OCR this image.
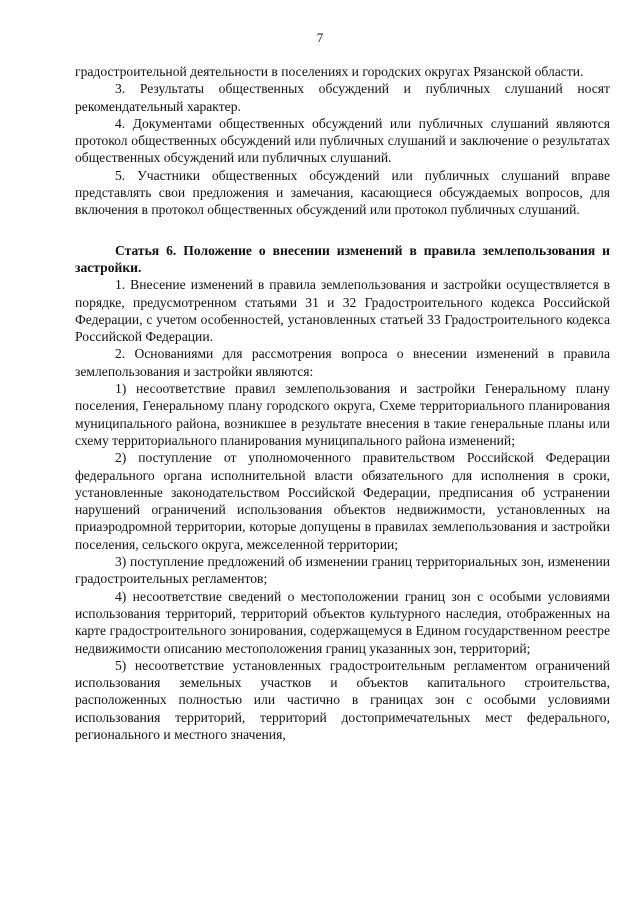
7

градостроительной деятельности в поселениях и городских округах Рязанской области.

3. Результаты общественных обсуждений и публичных слушаний носят рекомендательный характер.

4. Документами общественных обсуждений или публичных слушаний являются протокол общественных обсуждений или публичных слушаний и заключение о результатах общественных обсуждений или публичных слушаний.

5. Участники общественных обсуждений или публичных слушаний вправе представлять свои предложения и замечания, касающиеся обсуждаемых вопросов, для включения в протокол общественных обсуждений или протокол публичных слушаний.

Статья 6. Положение о внесении изменений в правила землепользования и застройки.

1. Внесение изменений в правила землепользования и застройки осуществляется в порядке, предусмотренном статьями 31 и 32 Градостроительного кодекса Российской Федерации, с учетом особенностей, установленных статьей 33 Градостроительного кодекса Российской Федерации.

2. Основаниями для рассмотрения вопроса о внесении изменений в правила землепользования и застройки являются:

1) несоответствие правил землепользования и застройки Генеральному плану поселения, Генеральному плану городского округа, Схеме территориального планирования муниципального района, возникшее в результате внесения в такие генеральные планы или схему территориального планирования муниципального района изменений;

2) поступление от уполномоченного правительством Российской Федерации федерального органа исполнительной власти обязательного для исполнения в сроки, установленные законодательством Российской Федерации, предписания об устранении нарушений ограничений использования объектов недвижимости, установленных на приаэродромной территории, которые допущены в правилах землепользования и застройки поселения, сельского округа, межселенной территории;

3) поступление предложений об изменении границ территориальных зон, изменении градостроительных регламентов;

4) несоответствие сведений о местоположении границ зон с особыми условиями использования территорий, территорий объектов культурного наследия, отображенных на карте градостроительного зонирования, содержащемуся в Едином государственном реестре недвижимости описанию местоположения границ указанных зон, территорий;

5) несоответствие установленных градостроительным регламентом ограничений использования земельных участков и объектов капитального строительства, расположенных полностью или частично в границах зон с особыми условиями использования территорий, территорий достопримечательных мест федерального, регионального и местного значения,
